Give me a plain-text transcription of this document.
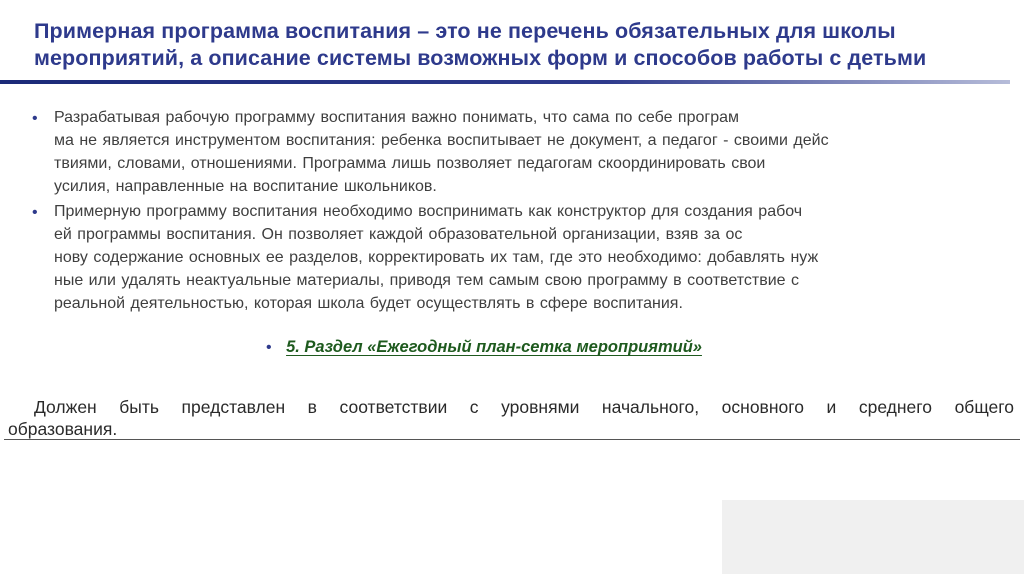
Примерная программа воспитания – это не перечень обязательных для школы
мероприятий, а описание системы возможных форм и способов работы с детьми
• Разрабатывая рабочую программу воспитания важно понимать, что сама по себе програм
ма не является инструментом воспитания: ребенка воспитывает не документ, а педагог - своими дейс
твиями, словами, отношениями. Программа лишь позволяет педагогам скоординировать свои
усилия, направленные на воспитание школьников.
• Примерную программу воспитания необходимо воспринимать как конструктор для создания рабоч
ей программы воспитания. Он позволяет каждой образовательной организации, взяв за ос
нову содержание основных ее разделов, корректировать их там, где это необходимо: добавлять нуж
ные или удалять неактуальные материалы, приводя тем самым свою программу в соответствие с
реальной деятельностью, которая школа будет осуществлять в сфере воспитания.
• 5. Раздел «Ежегодный план-сетка мероприятий»
Должен быть представлен в соответствии с уровнями начального, основного и среднего общего
образования.
